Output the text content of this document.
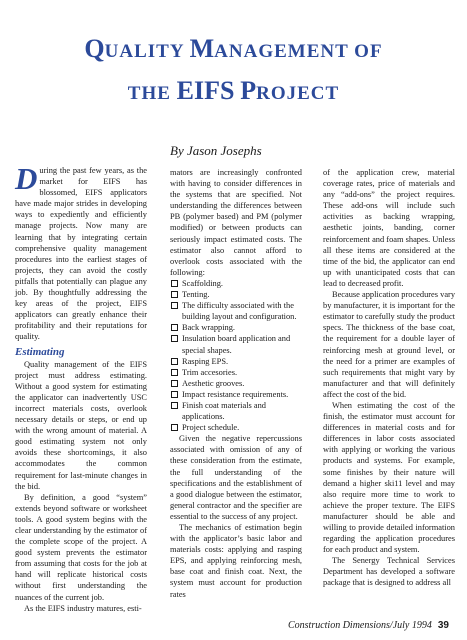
QUALITY MANAGEMENT OF
THE EIFS PROJECT
By Jason Josephs

During the past few years, as the market for EIFS has blossomed, EIFS applicators have made major strides in developing ways to expediently and efficiently manage projects. Now many are learning that by integrating certain comprehensive quality management procedures into the earliest stages of projects, they can avoid the costly pitfalls that potentially can plague any job. By thoughtfully addressing the key areas of the project, EIFS applicators can greatly enhance their profitability and their reputations for quality.

Estimating

Quality management of the EIFS project must address estimating. Without a good system for estimating the applicator can inadvertently USC incorrect materials costs, overlook necessary details or steps, or end up with the wrong amount of material. A good estimating system not only avoids these shortcomings, it also accommodates the common requirement for last-minute changes in the bid.

By definition, a good “system” extends beyond software or worksheet tools. A good system begins with the clear understanding by the estimator of the complete scope of the project. A good system prevents the estimator from assuming that costs for the job at hand will replicate historical costs without first understanding the nuances of the current job.

As the EIFS industry matures, esti-

mators are increasingly confronted with having to consider differences in the systems that are specified. Not understanding the differences between PB (polymer based) and PM (polymer modified) or between products can seriously impact estimated costs. The estimator also cannot afford to overlook costs associated with the following:

Scaffolding.
Tenting.
The difficulty associated with the building layout and configuration.
Back wrapping.
Insulation board application and special shapes.
Rasping EPS.
Trim accesories.
Aesthetic grooves.
Impact resistance requirements.
Finish coat materials and applications.
Project schedule.

Given the negative repercussions associated with omission of any of these consideration from the estimate, the full understanding of the specifications and the establishment of a good dialogue between the estimator, general contractor and the specifier are essential to the success of any project.

The mechanics of estimation begin with the applicator’s basic labor and materials costs: applying and rasping EPS, and applying reinforcing mesh, base coat and finish coat. Next, the system must account for production rates

of the application crew, material coverage rates, price of materials and any “add-ons” the project requires. These add-ons will include such activities as backing wrapping, aesthetic joints, banding, corner reinforcement and foam shapes. Unless all these items are considered at the time of the bid, the applicator can end up with unanticipated costs that can lead to decreased profit.

Because application procedures vary by manufacturer, it is important for the estimator to carefully study the product specs. The thickness of the base coat, the requirement for a double layer of reinforcing mesh at ground level, or the need for a primer are examples of such requirements that might vary by manufacturer and that will definitely affect the cost of the bid.

When estimating the cost of the finish, the estimator must account for differences in material costs and for differences in labor costs associated with applying or working the various products and systems. For example, some finishes by their nature will demand a higher ski11 level and may also require more time to work to achieve the proper texture. The EIFS manufacturer should be able and willing to provide detailed information regarding the application procedures for each product and system.

The Senergy Technical Services Department has developed a software package that is designed to address all

Construction Dimensions/July 1994 39
